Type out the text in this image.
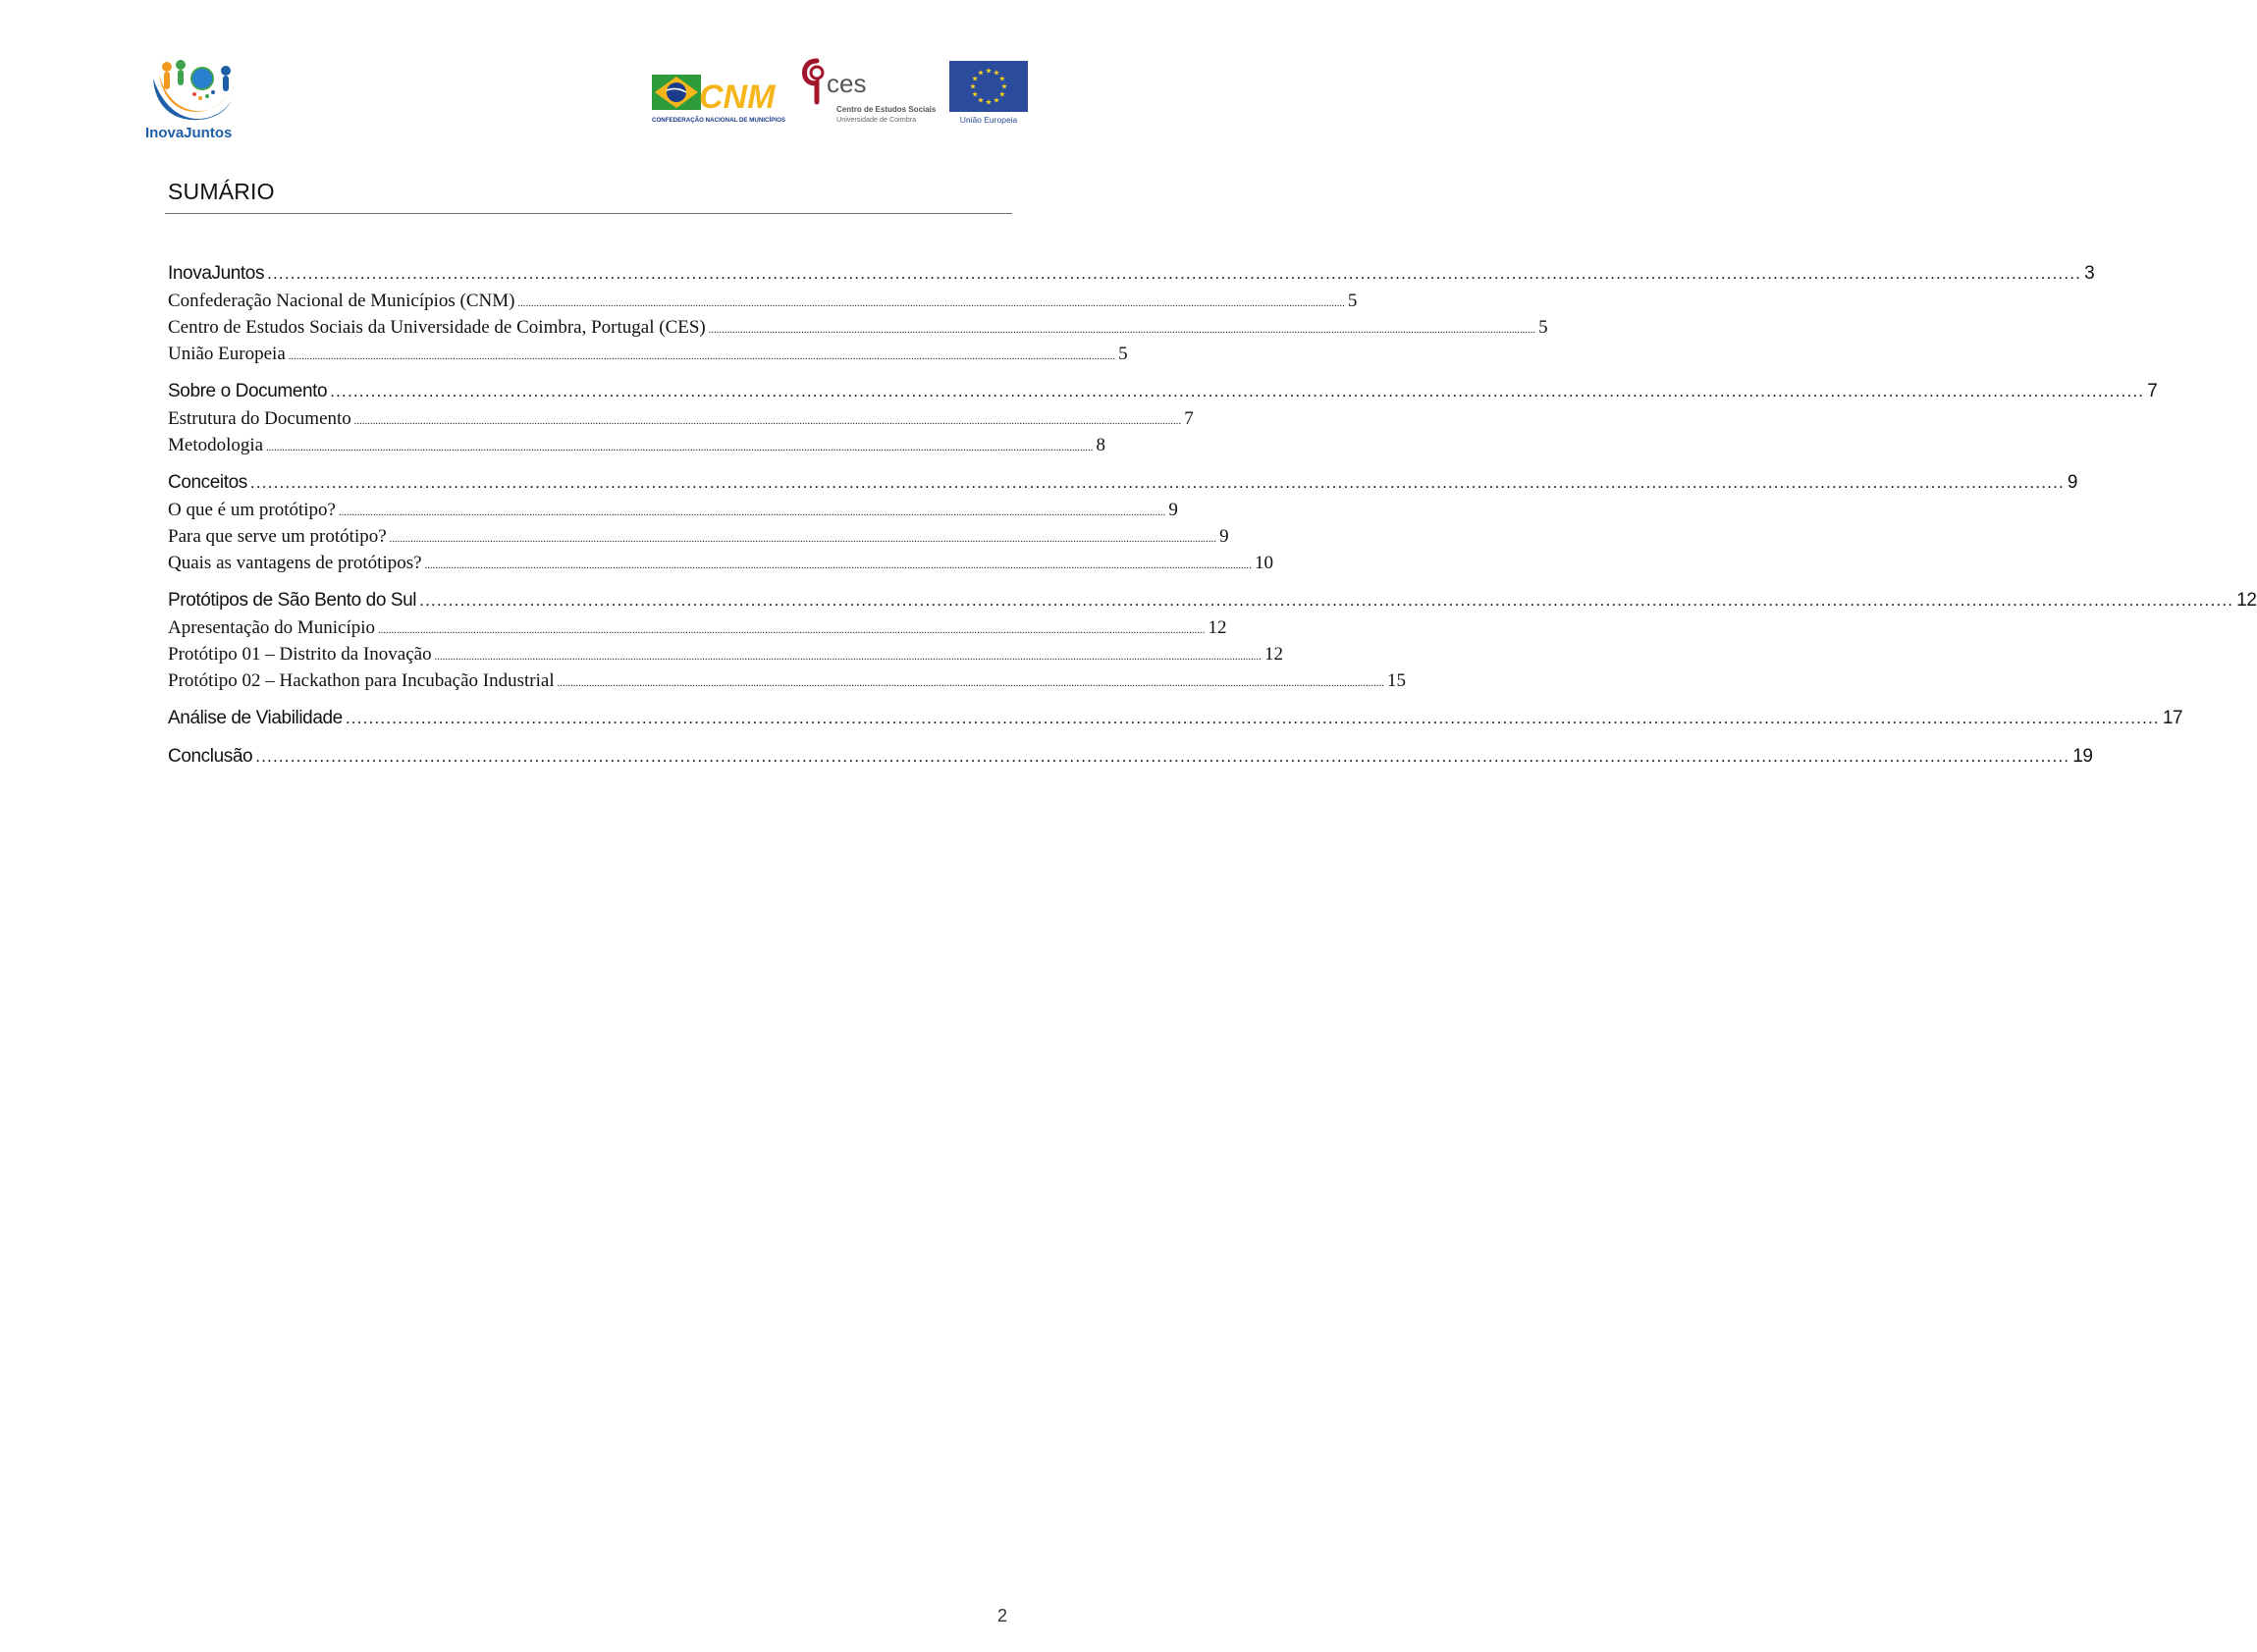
InovaJuntos
CNM
CONFEDERAÇÃO NACIONAL DE MUNICÍPIOS
ces
Centro de Estudos Sociais
Universidade de Coimbra
★ ★
★
★
★
★
★
★
★
★
★
★
União Europeia
SUMÁRIO
InovaJuntos .....	3
Confederação Nacional de Municípios (CNM) .....	5
Centro de Estudos Sociais da Universidade de Coimbra, Portugal (CES) .....	5
União Europeia .....	5
Sobre o Documento .....	7
Estrutura do Documento .....	7
Metodologia .....	8
Conceitos .....	9
O que é um protótipo? .....	9
Para que serve um protótipo? .....	9
Quais as vantagens de protótipos? .....	10
Protótipos de São Bento do Sul .....	12
Apresentação do Município .....	12
Protótipo 01 – Distrito da Inovação .....	12
Protótipo 02 – Hackathon para Incubação Industrial .....	15
Análise de Viabilidade .....	17
Conclusão .....	19
2
